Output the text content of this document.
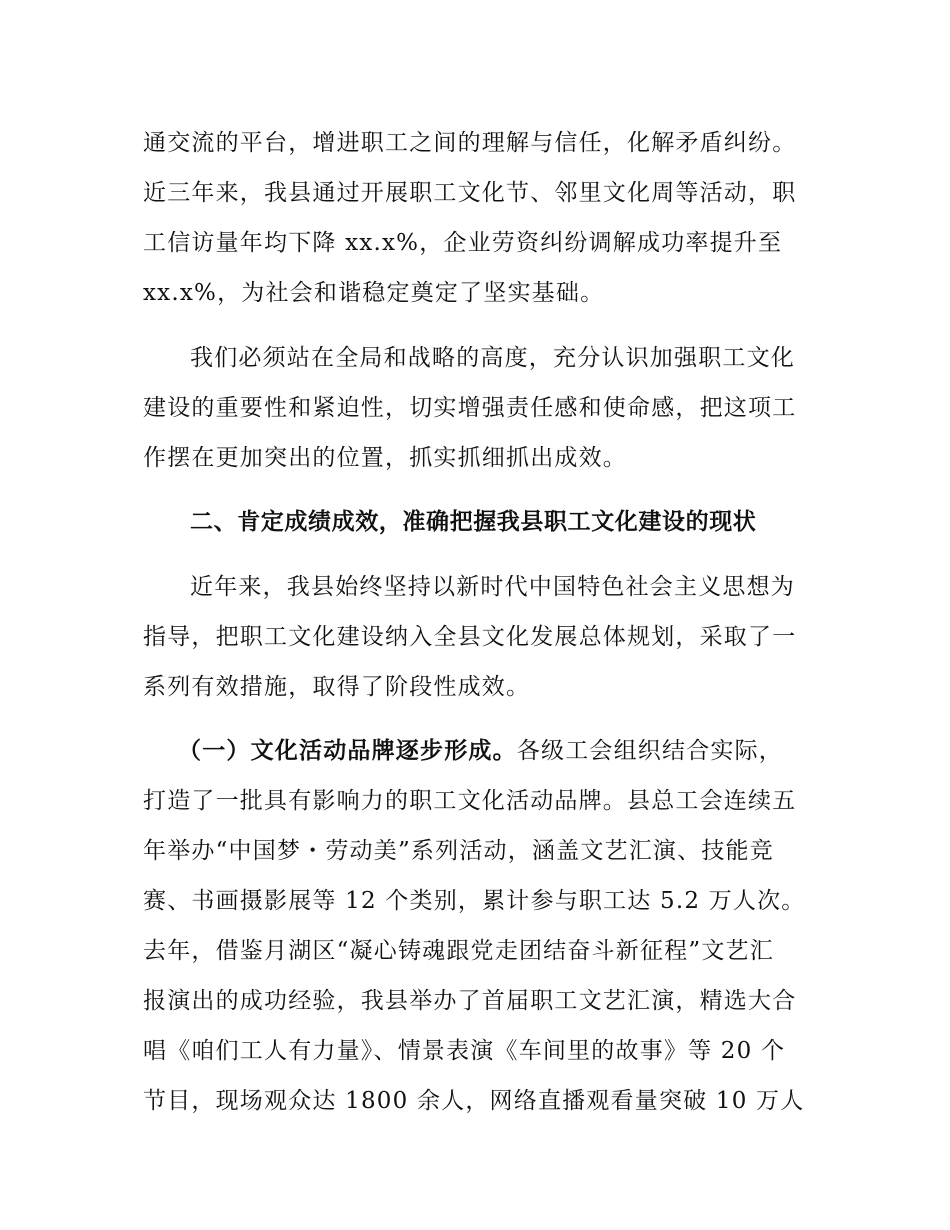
通交流的平台，增进职工之间的理解与信任，化解矛盾纠纷。
近三年来，我县通过开展职工文化节、邻里文化周等活动，职
工信访量年均下降 xx.x%，企业劳资纠纷调解成功率提升至
xx.x%，为社会和谐稳定奠定了坚实基础。
我们必须站在全局和战略的高度，充分认识加强职工文化
建设的重要性和紧迫性，切实增强责任感和使命感，把这项工
作摆在更加突出的位置，抓实抓细抓出成效。
二、肯定成绩成效，准确把握我县职工文化建设的现状
近年来，我县始终坚持以新时代中国特色社会主义思想为
指导，把职工文化建设纳入全县文化发展总体规划，采取了一
系列有效措施，取得了阶段性成效。
（一）文化活动品牌逐步形成。各级工会组织结合实际，
打造了一批具有影响力的职工文化活动品牌。县总工会连续五
年举办“中国梦・劳动美”系列活动，涵盖文艺汇演、技能竞
赛、书画摄影展等 12 个类别，累计参与职工达 5.2 万人次。
去年，借鉴月湖区“凝心铸魂跟党走团结奋斗新征程”文艺汇
报演出的成功经验，我县举办了首届职工文艺汇演，精选大合
唱《咱们工人有力量》、情景表演《车间里的故事》等 20 个
节目，现场观众达 1800 余人，网络直播观看量突破 10 万人
